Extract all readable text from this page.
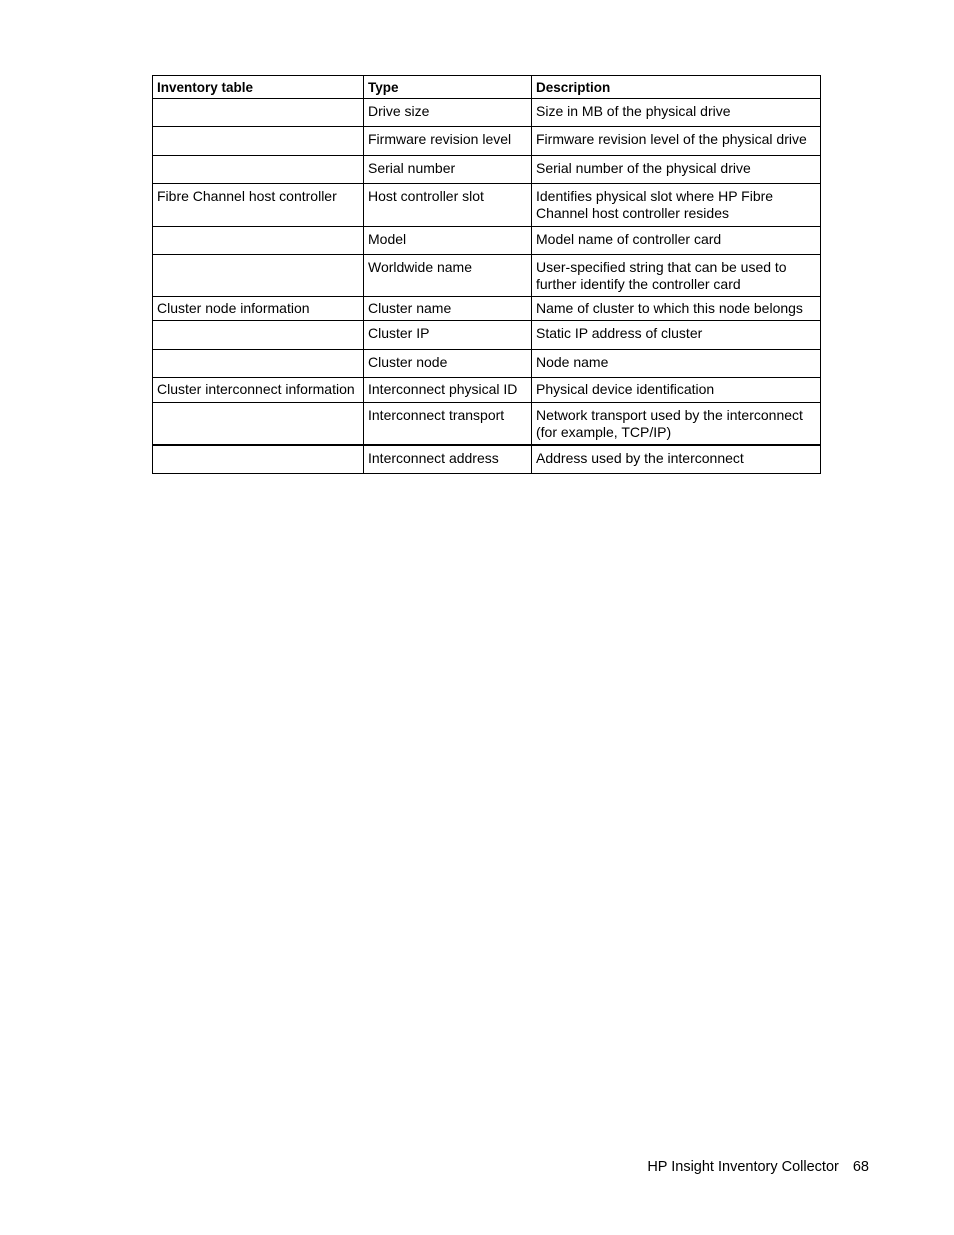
Inventory table	Type	Description
	Drive size	Size in MB of the physical drive
	Firmware revision level	Firmware revision level of the physical drive
	Serial number	Serial number of the physical drive
Fibre Channel host controller	Host controller slot	Identifies physical slot where HP Fibre Channel host controller resides
	Model	Model name of controller card
	Worldwide name	User-specified string that can be used to further identify the controller card
Cluster node information	Cluster name	Name of cluster to which this node belongs
	Cluster IP	Static IP address of cluster
	Cluster node	Node name
Cluster interconnect information	Interconnect physical ID	Physical device identification
	Interconnect transport	Network transport used by the interconnect (for example, TCP/IP)
	Interconnect address	Address used by the interconnect
HP Insight Inventory Collector 68
